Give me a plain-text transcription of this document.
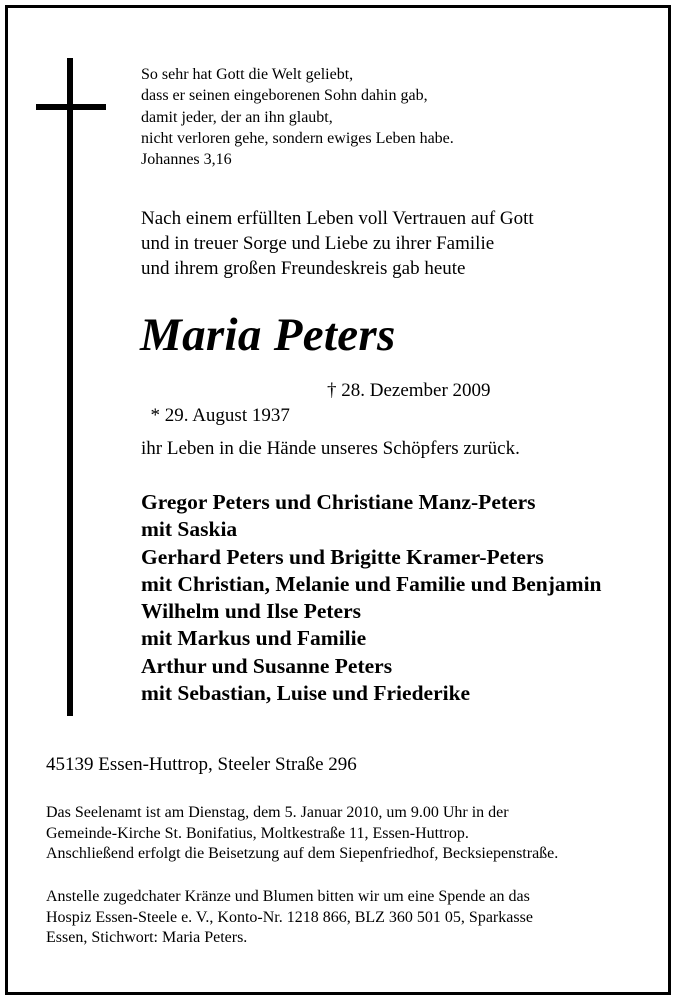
So sehr hat Gott die Welt geliebt,
dass er seinen eingeborenen Sohn dahin gab,
damit jeder, der an ihn glaubt,
nicht verloren gehe, sondern ewiges Leben habe.
Johannes 3,16
Nach einem erfüllten Leben voll Vertrauen auf Gott
und in treuer Sorge und Liebe zu ihrer Familie
und ihrem großen Freundeskreis gab heute
Maria Peters

* 29. August 1937

† 28. Dezember 2009

ihr Leben in die Hände unseres Schöpfers zurück.
Gregor Peters und Christiane Manz-Peters
mit Saskia
Gerhard Peters und Brigitte Kramer-Peters
mit Christian, Melanie und Familie und Benjamin
Wilhelm und Ilse Peters
mit Markus und Familie
Arthur und Susanne Peters
mit Sebastian, Luise und Friederike
45139 Essen-Huttrop, Steeler Straße 296
Das Seelenamt ist am Dienstag, dem 5. Januar 2010, um 9.00 Uhr in der
Gemeinde-Kirche St. Bonifatius, Moltkestraße 11, Essen-Huttrop.
Anschließend erfolgt die Beisetzung auf dem Siepenfriedhof, Becksiepenstraße.
Anstelle zugedchater Kränze und Blumen bitten wir um eine Spende an das
Hospiz Essen-Steele e. V., Konto-Nr. 1218 866, BLZ 360 501 05, Sparkasse
Essen, Stichwort: Maria Peters.
